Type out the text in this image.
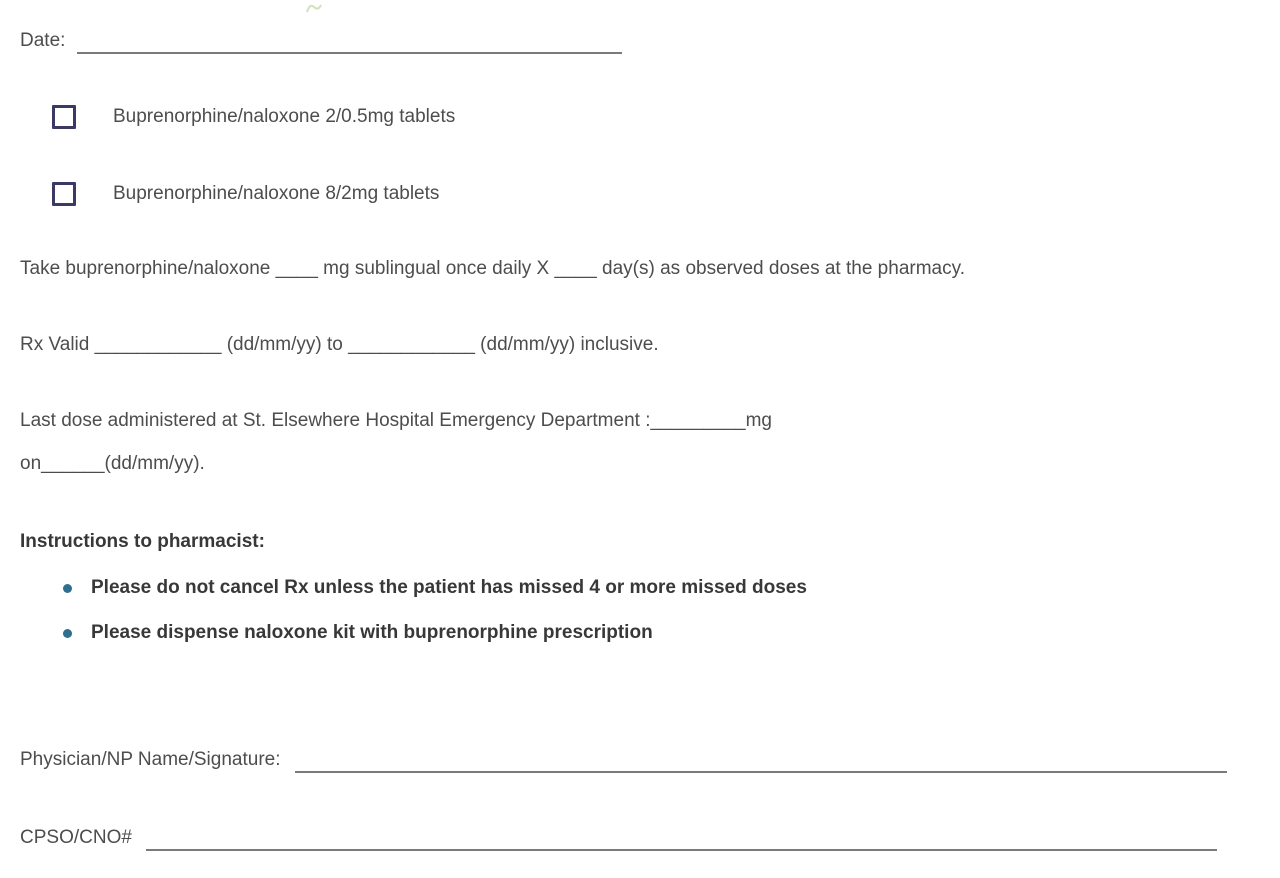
Date:
Buprenorphine/naloxone 2/0.5mg tablets
Buprenorphine/naloxone 8/2mg tablets
Take buprenorphine/naloxone ____ mg sublingual once daily X ____ day(s) as observed doses at the pharmacy.
Rx Valid ____________ (dd/mm/yy) to ____________ (dd/mm/yy) inclusive.
Last dose administered at St. Elsewhere Hospital Emergency Department :_________mg
on______(dd/mm/yy).
Instructions to pharmacist:
Please do not cancel Rx unless the patient has missed 4 or more missed doses
Please dispense naloxone kit with buprenorphine prescription
Physician/NP Name/Signature:
CPSO/CNO#
